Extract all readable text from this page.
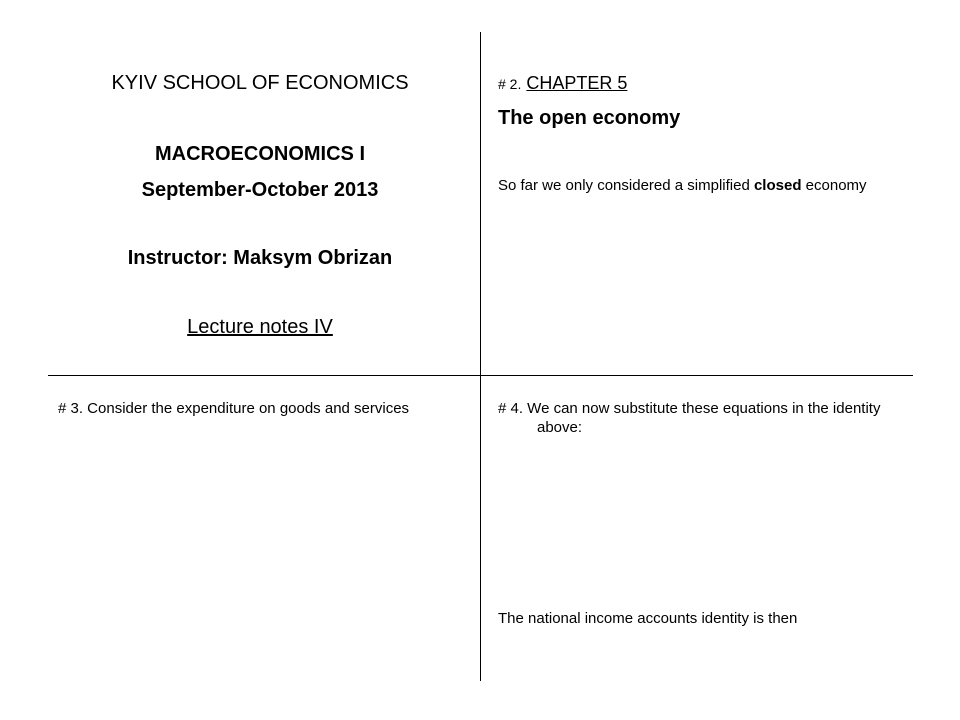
KYIV SCHOOL OF ECONOMICS
MACROECONOMICS I
September-October 2013
Instructor: Maksym Obrizan
Lecture notes IV
# 2. CHAPTER 5
The open economy
So far we only considered a simplified closed economy
# 3. Consider the expenditure on goods and services	# 4. We can now substitute these equations in the identity above:
The national income accounts identity is then
